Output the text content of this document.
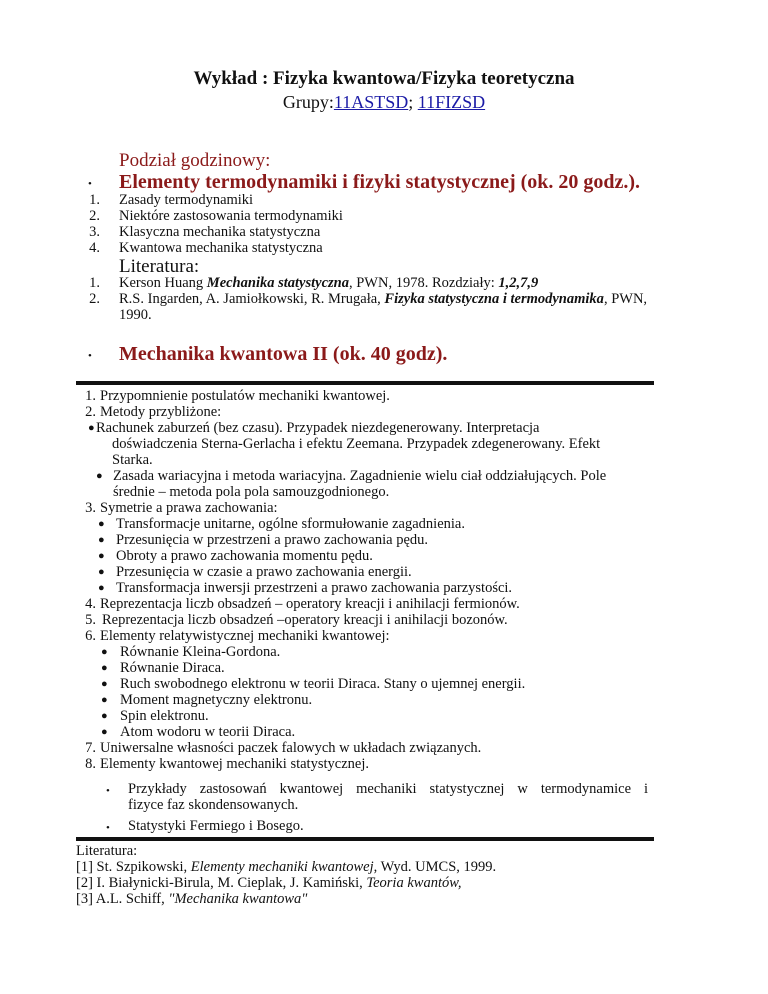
Wykład : Fizyka kwantowa/Fizyka teoretyczna
Grupy:11ASTSD; 11FIZSD
Podział godzinowy:
• Elementy termodynamiki i fizyki statystycznej (ok. 20 godz.).
1. Zasady termodynamiki
2. Niektóre zastosowania termodynamiki
3. Klasyczna mechanika statystyczna
4. Kwantowa mechanika statystyczna
Literatura:
1. Kerson Huang Mechanika statystyczna, PWN, 1978. Rozdziały: 1,2,7,9
2. R.S. Ingarden, A. Jamiołkowski, R. Mrugała, Fizyka statystyczna i termodynamika, PWN,
1990.
• Mechanika kwantowa II (ok. 40 godz).
1. Przypomnienie postulatów mechaniki kwantowej.
2. Metody przybliżone:
● Rachunek zaburzeń (bez czasu). Przypadek niezdegenerowany. Interpretacja
doświadczenia Sterna-Gerlacha i efektu Zeemana. Przypadek zdegenerowany. Efekt
Starka.
● Zasada wariacyjna i metoda wariacyjna. Zagadnienie wielu ciał oddziałujących. Pole
średnie – metoda pola pola samouzgodnionego.
3. Symetrie a prawa zachowania:
● Transformacje unitarne, ogólne sformułowanie zagadnienia.
● Przesunięcia w przestrzeni a prawo zachowania pędu.
● Obroty a prawo zachowania momentu pędu.
● Przesunięcia w czasie a prawo zachowania energii.
● Transformacja inwersji przestrzeni a prawo zachowania parzystości.
4. Reprezentacja liczb obsadzeń – operatory kreacji i anihilacji fermionów.
5. Reprezentacja liczb obsadzeń –operatory kreacji i anihilacji bozonów.
6. Elementy relatywistycznej mechaniki kwantowej:
● Równanie Kleina-Gordona.
● Równanie Diraca.
● Ruch swobodnego elektronu w teorii Diraca. Stany o ujemnej energii.
● Moment magnetyczny elektronu.
● Spin elektronu.
● Atom wodoru w teorii Diraca.
7. Uniwersalne własności paczek falowych w układach związanych.
8. Elementy kwantowej mechaniki statystycznej.
• Przykłady zastosowań kwantowej mechaniki statystycznej w termodynamice i
fizyce faz skondensowanych.
• Statystyki Fermiego i Bosego.
Literatura:
[1] St. Szpikowski, Elementy mechaniki kwantowej, Wyd. UMCS, 1999.
[2] I. Białynicki-Birula, M. Cieplak, J. Kamiński, Teoria kwantów,
[3] A.L. Schiff, "Mechanika kwantowa"
